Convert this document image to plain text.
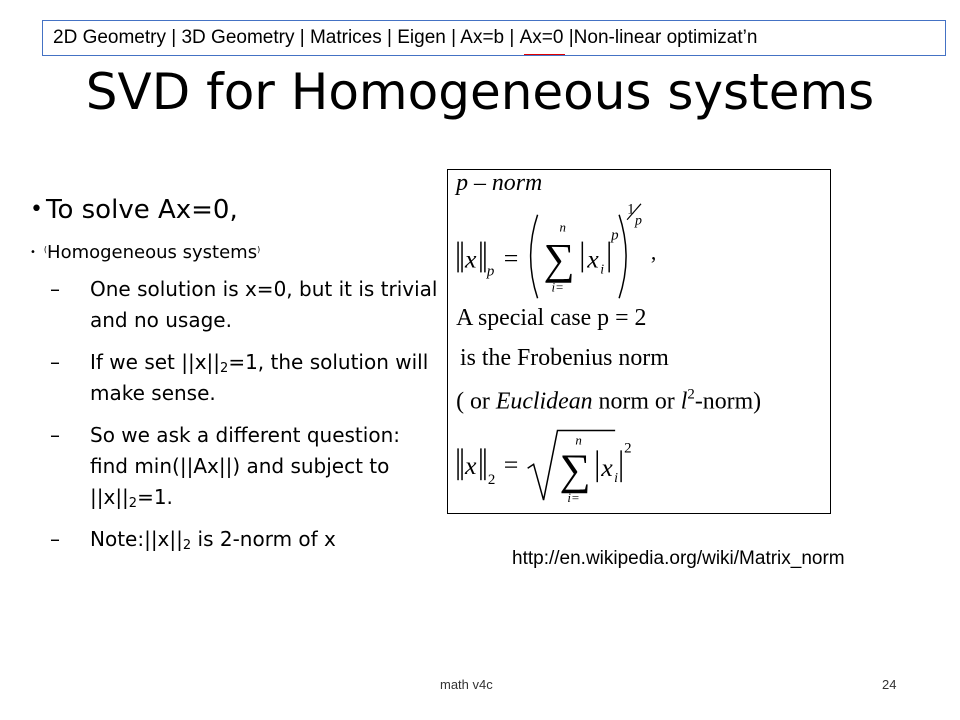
2D Geometry | 3D Geometry | Matrices | Eigen | Ax=b | Ax=0 |Non-linear optimizat’n
SVD for Homogeneous systems
• To solve Ax=0,
• (Homogeneous systems)
– One solution is x=0, but it is trivial and no usage.
– If we set $||x||_2=1$, the solution will make sense.
– So we ask a different question: find min(||Ax||) and subject to $||x||_2=1$.
– $Note:||x||_2$ is 2-norm of x
p – norm
x p =
n
∑
i=
x i
p
1
p
,
A special case p = 2
is the Frobenius norm
( or Euclidean norm or $l^2-norm$)
x 2
=
n
∑
i=
x i
2
http://en.wikipedia.org/wiki/Matrix_norm
math v4c	24
